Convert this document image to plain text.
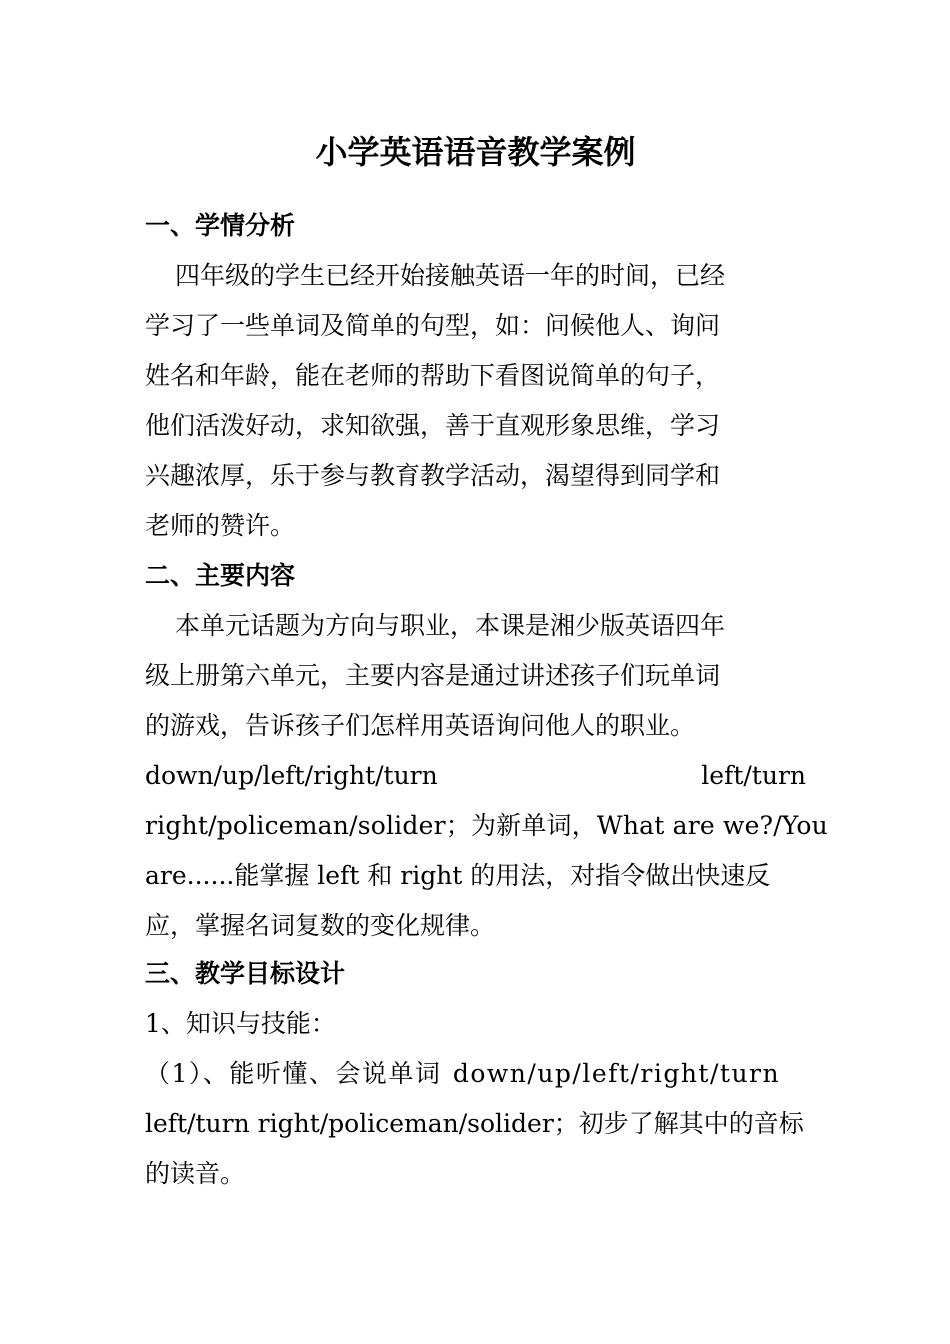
小学英语语音教学案例
一、学情分析
四年级的学生已经开始接触英语一年的时间，已经
学习了一些单词及简单的句型，如：问候他人、询问
姓名和年龄，能在老师的帮助下看图说简单的句子，
他们活泼好动，求知欲强，善于直观形象思维，学习
兴趣浓厚，乐于参与教育教学活动，渴望得到同学和
老师的赞许。
二、主要内容
本单元话题为方向与职业，本课是湘少版英语四年
级上册第六单元，主要内容是通过讲述孩子们玩单词
的游戏，告诉孩子们怎样用英语询问他人的职业。
down/up/left/right/turn	left/turn
right/policeman/solider；为新单词，What are we?/You
are......能掌握 left 和 right 的用法，对指令做出快速反
应，掌握名词复数的变化规律。
三、教学目标设计
1、知识与技能：
（1）、能听懂、会说单词 down/up/left/right/turn
left/turn right/policeman/solider；初步了解其中的音标
的读音。
